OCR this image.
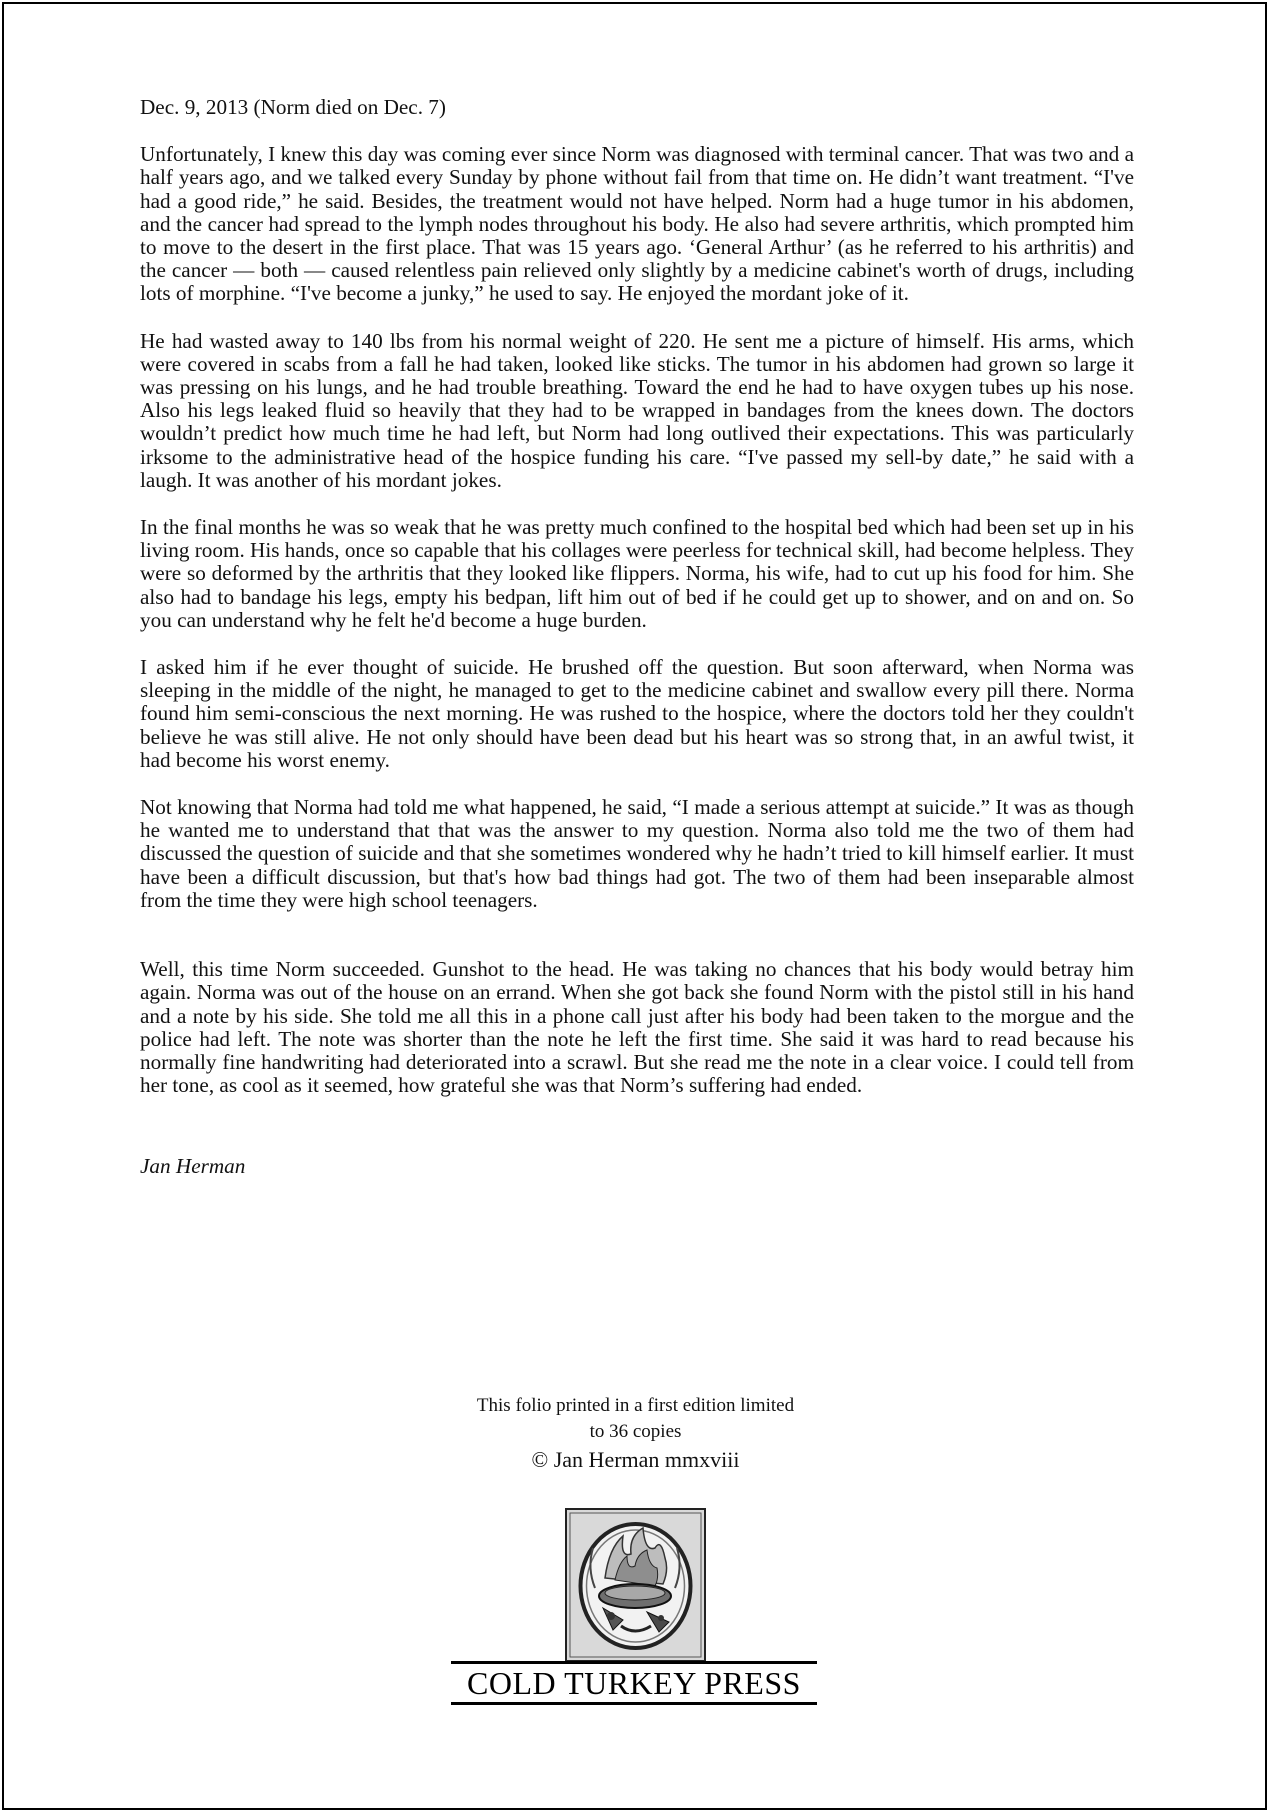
Dec. 9, 2013 (Norm died on Dec. 7)

Unfortunately, I knew this day was coming ever since Norm was diagnosed with terminal cancer. That was two and a half years ago, and we talked every Sunday by phone without fail from that time on. He didn’t want treatment. “I've had a good ride,” he said. Besides, the treatment would not have helped. Norm had a huge tumor in his abdomen, and the cancer had spread to the lymph nodes throughout his body. He also had severe arthritis, which prompted him to move to the desert in the first place. That was 15 years ago. ‘General Arthur’ (as he referred to his arthritis) and the cancer — both — caused relentless pain relieved only slightly by a medicine cabinet's worth of drugs, including lots of morphine. “I've become a junky,” he used to say. He enjoyed the mordant joke of it.

He had wasted away to 140 lbs from his normal weight of 220. He sent me a picture of himself. His arms, which were covered in scabs from a fall he had taken, looked like sticks. The tumor in his abdomen had grown so large it was pressing on his lungs, and he had trouble breathing. Toward the end he had to have oxygen tubes up his nose. Also his legs leaked fluid so heavily that they had to be wrapped in bandages from the knees down. The doctors wouldn’t predict how much time he had left, but Norm had long outlived their expectations. This was particularly irksome to the administrative head of the hospice funding his care. “I've passed my sell-by date,” he said with a laugh. It was another of his mordant jokes.

In the final months he was so weak that he was pretty much confined to the hospital bed which had been set up in his living room. His hands, once so capable that his collages were peerless for technical skill, had become helpless. They were so deformed by the arthritis that they looked like flippers. Norma, his wife, had to cut up his food for him. She also had to bandage his legs, empty his bedpan, lift him out of bed if he could get up to shower, and on and on. So you can understand why he felt he'd become a huge burden.

I asked him if he ever thought of suicide. He brushed off the question. But soon afterward, when Norma was sleeping in the middle of the night, he managed to get to the medicine cabinet and swallow every pill there. Norma found him semi-conscious the next morning. He was rushed to the hospice, where the doctors told her they couldn't believe he was still alive. He not only should have been dead but his heart was so strong that, in an awful twist, it had become his worst enemy.

Not knowing that Norma had told me what happened, he said, “I made a serious attempt at suicide.” It was as though he wanted me to understand that that was the answer to my question. Norma also told me the two of them had discussed the question of suicide and that she sometimes wondered why he hadn’t tried to kill himself earlier. It must have been a difficult discussion, but that's how bad things had got. The two of them had been inseparable almost from the time they were high school teenagers.

Well, this time Norm succeeded. Gunshot to the head. He was taking no chances that his body would betray him again. Norma was out of the house on an errand. When she got back she found Norm with the pistol still in his hand and a note by his side. She told me all this in a phone call just after his body had been taken to the morgue and the police had left. The note was shorter than the note he left the first time. She said it was hard to read because his normally fine handwriting had deteriorated into a scrawl. But she read me the note in a clear voice. I could tell from her tone, as cool as it seemed, how grateful she was that Norm’s suffering had ended.

Jan Herman
This folio printed in a first edition limited
to 36 copies
© Jan Herman mmxviii
COLD TURKEY PRESS
